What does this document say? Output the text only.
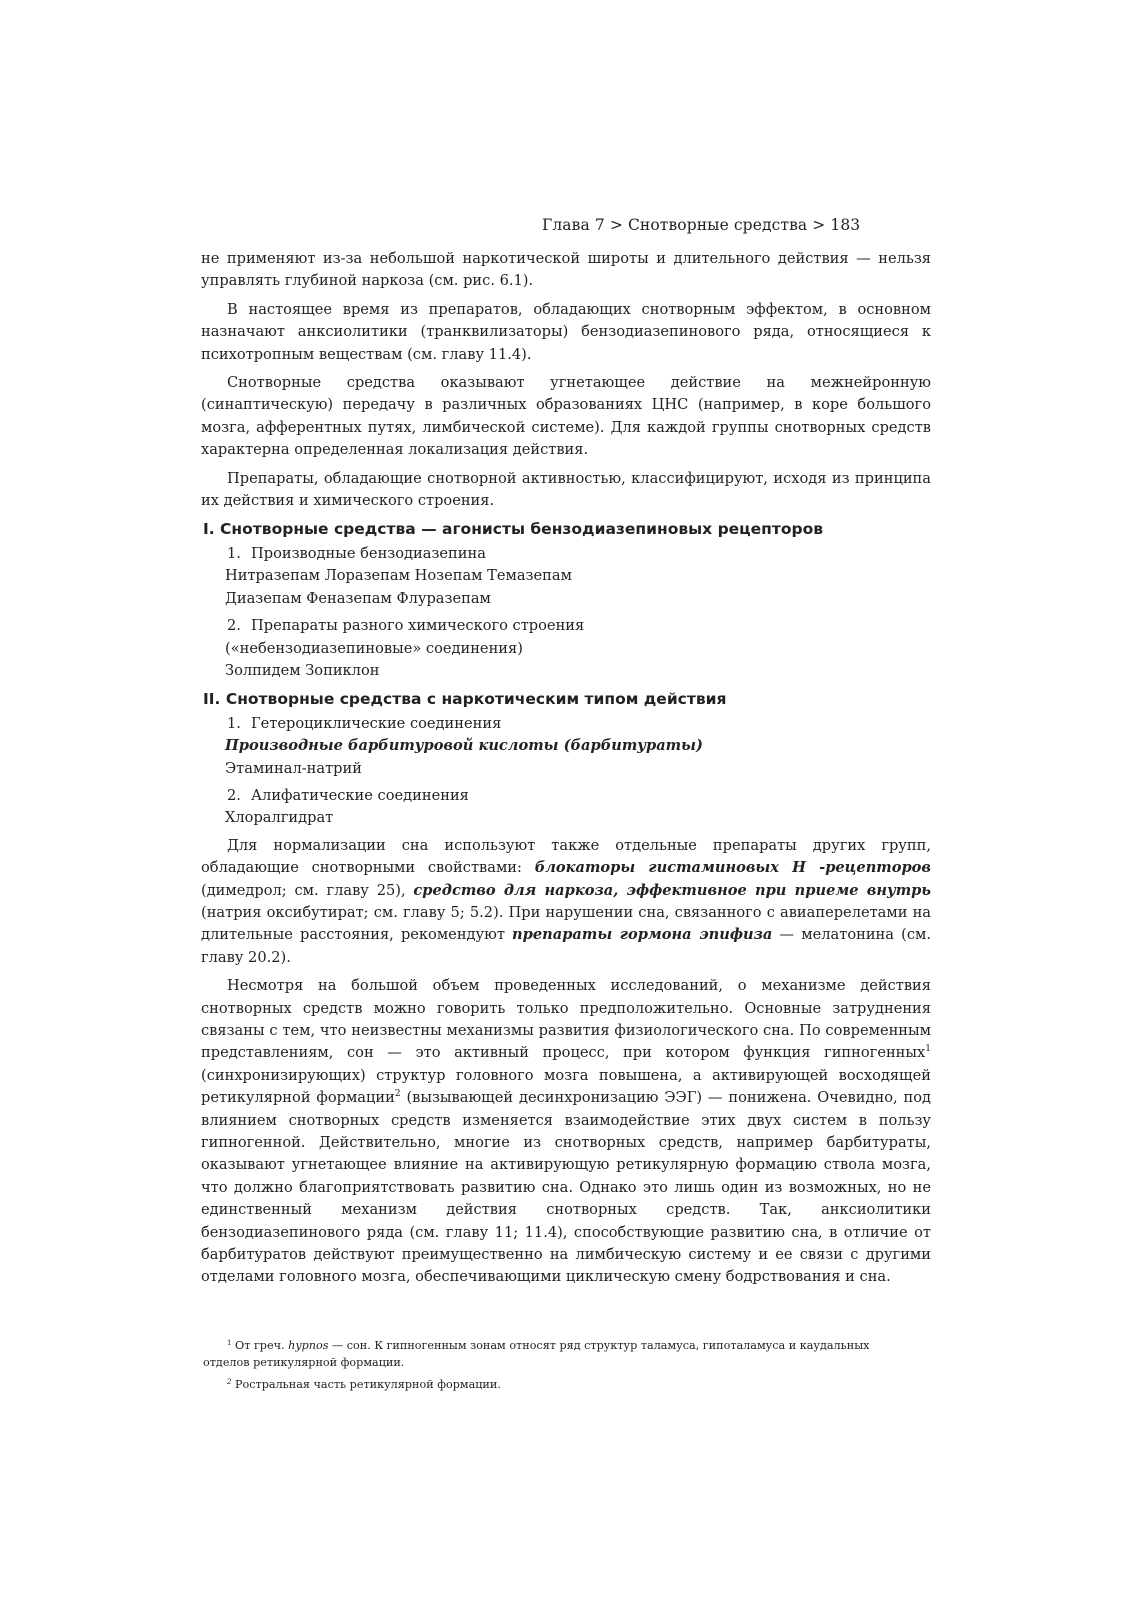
Глава 7 > Снотворные средства > 183

не применяют из-за небольшой наркотической широты и длительного действия — нельзя управлять глубиной наркоза (см. рис. 6.1).

В настоящее время из препаратов, обладающих снотворным эффектом, в основном назначают анксиолитики (транквилизаторы) бензодиазепинового ряда, относящиеся к психотропным веществам (см. главу 11.4).

Снотворные средства оказывают угнетающее действие на межнейронную (синаптическую) передачу в различных образованиях ЦНС (например, в коре большого мозга, афферентных путях, лимбической системе). Для каждой группы снотворных средств характерна определенная локализация действия.

Препараты, обладающие снотворной активностью, классифицируют, исходя из принципа их действия и химического строения.

I. Снотворные средства — агонисты бензодиазепиновых рецепторов
1. Производные бензодиазепина
Нитразепам Лоразепам Нозепам Темазепам
Диазепам Феназепам Флуразепам
2. Препараты разного химического строения
(«небензодиазепиновые» соединения)
Золпидем Зопиклон
II. Снотворные средства с наркотическим типом действия
1. Гетероциклические соединения
Производные барбитуровой кислоты (барбитураты)
Этаминал-натрий
2. Алифатические соединения
Хлоралгидрат

Для нормализации сна используют также отдельные препараты других групп, обладающие снотворными свойствами: блокаторы гистаминовых Н -рецепторов (димедрол; см. главу 25), средство для наркоза, эффективное при приеме внутрь (натрия оксибутират; см. главу 5; 5.2). При нарушении сна, связанного с авиаперелетами на длительные расстояния, рекомендуют препараты гормона эпифиза — мелатонина (см. главу 20.2).

Несмотря на большой объем проведенных исследований, о механизме действия снотворных средств можно говорить только предположительно. Основные затруднения связаны с тем, что неизвестны механизмы развития физиологического сна. По современным представлениям, сон — это активный процесс, при котором функция гипногенных$^1$ (синхронизирующих) структур головного мозга повышена, а активирующей восходящей ретикулярной формации$^2$ (вызывающей десинхронизацию ЭЭГ) — понижена. Очевидно, под влиянием снотворных средств изменяется взаимодействие этих двух систем в пользу гипногенной. Действительно, многие из снотворных средств, например барбитураты, оказывают угнетающее влияние на активирующую ретикулярную формацию ствола мозга, что должно благоприятствовать развитию сна. Однако это лишь один из возможных, но не единственный механизм действия снотворных средств. Так, анксиолитики бензодиазепинового ряда (см. главу 11; 11.4), способствующие развитию сна, в отличие от барбитуратов действуют преимущественно на лимбическую систему и ее связи с другими отделами головного мозга, обеспечивающими циклическую смену бодрствования и сна.

$^1$ От греч. hypnos — сон. К гипногенным зонам относят ряд структур таламуса, гипоталамуса и каудальных отделов ретикулярной формации.
$^2$ Ростральная часть ретикулярной формации.
